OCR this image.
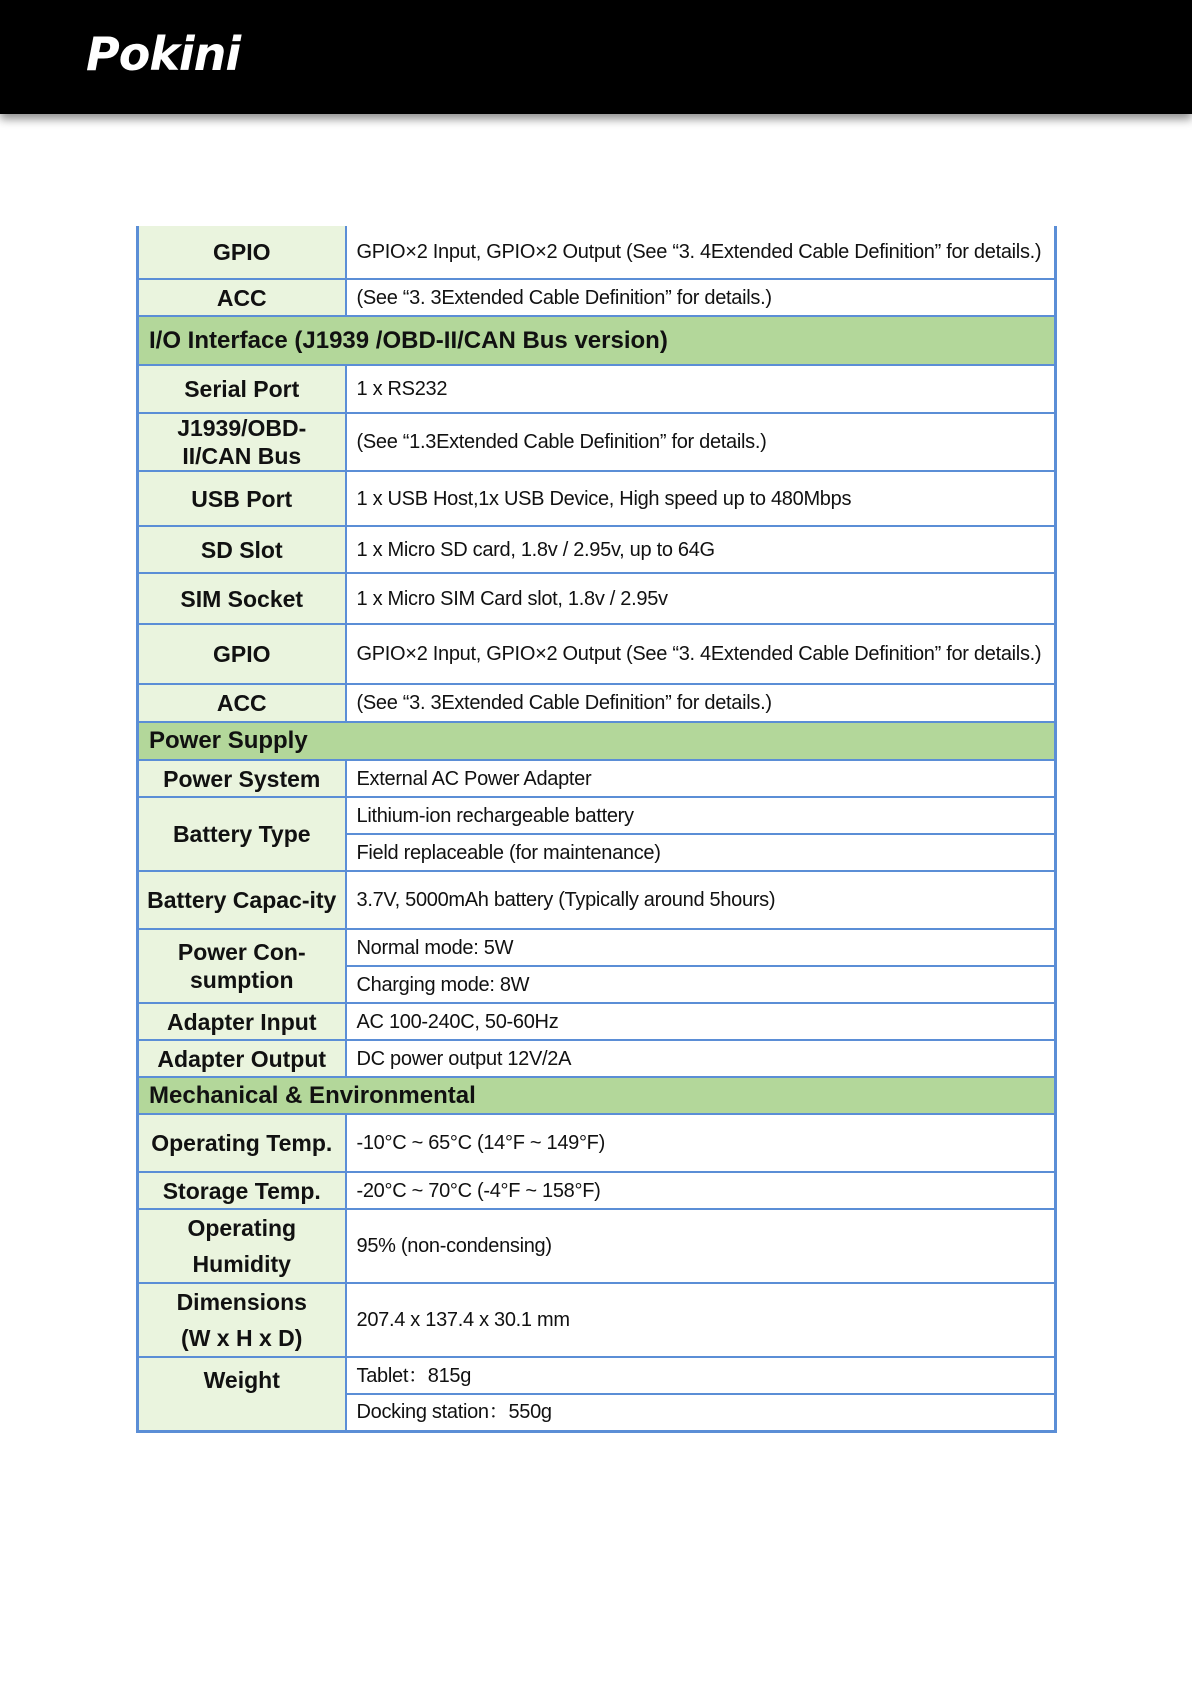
Pokini
GPIO	GPIO×2 Input, GPIO×2 Output (See “3. 4Extended Cable Definition” for details.)
ACC	(See “3. 3Extended Cable Definition” for details.)
I/O Interface (J1939 /OBD-II/CAN Bus version)	
Serial Port	1 x RS232
J1939/OBD-II/CAN Bus	(See “1.3Extended Cable Definition” for details.)
USB Port	1 x USB Host,1x USB Device, High speed up to 480Mbps
SD Slot	1 x Micro SD card, 1.8v / 2.95v, up to 64G
SIM Socket	1 x Micro SIM Card slot, 1.8v / 2.95v
GPIO	GPIO×2 Input, GPIO×2 Output (See “3. 4Extended Cable Definition” for details.)
ACC	(See “3. 3Extended Cable Definition” for details.)
Power Supply	
Power System	External AC Power Adapter
Battery Type	Lithium-ion rechargeable battery
	Field replaceable (for maintenance)
Battery Capac-ity	3.7V, 5000mAh battery (Typically around 5hours)
Power Con-sumption	Normal mode: 5W
	Charging mode: 8W
Adapter Input	AC 100-240C, 50-60Hz
Adapter Output	DC power output 12V/2A
Mechanical & Environmental	
Operating Temp.	-10°C ~ 65°C (14°F ~ 149°F)
Storage Temp.	-20°C ~ 70°C (-4°F ~ 158°F)
Operating	95% (non-condensing)
Humidity	
Dimensions	207.4 x 137.4 x 30.1 mm
(W x H x D)	
Weight	Tablet：815g
	Docking station：550g
